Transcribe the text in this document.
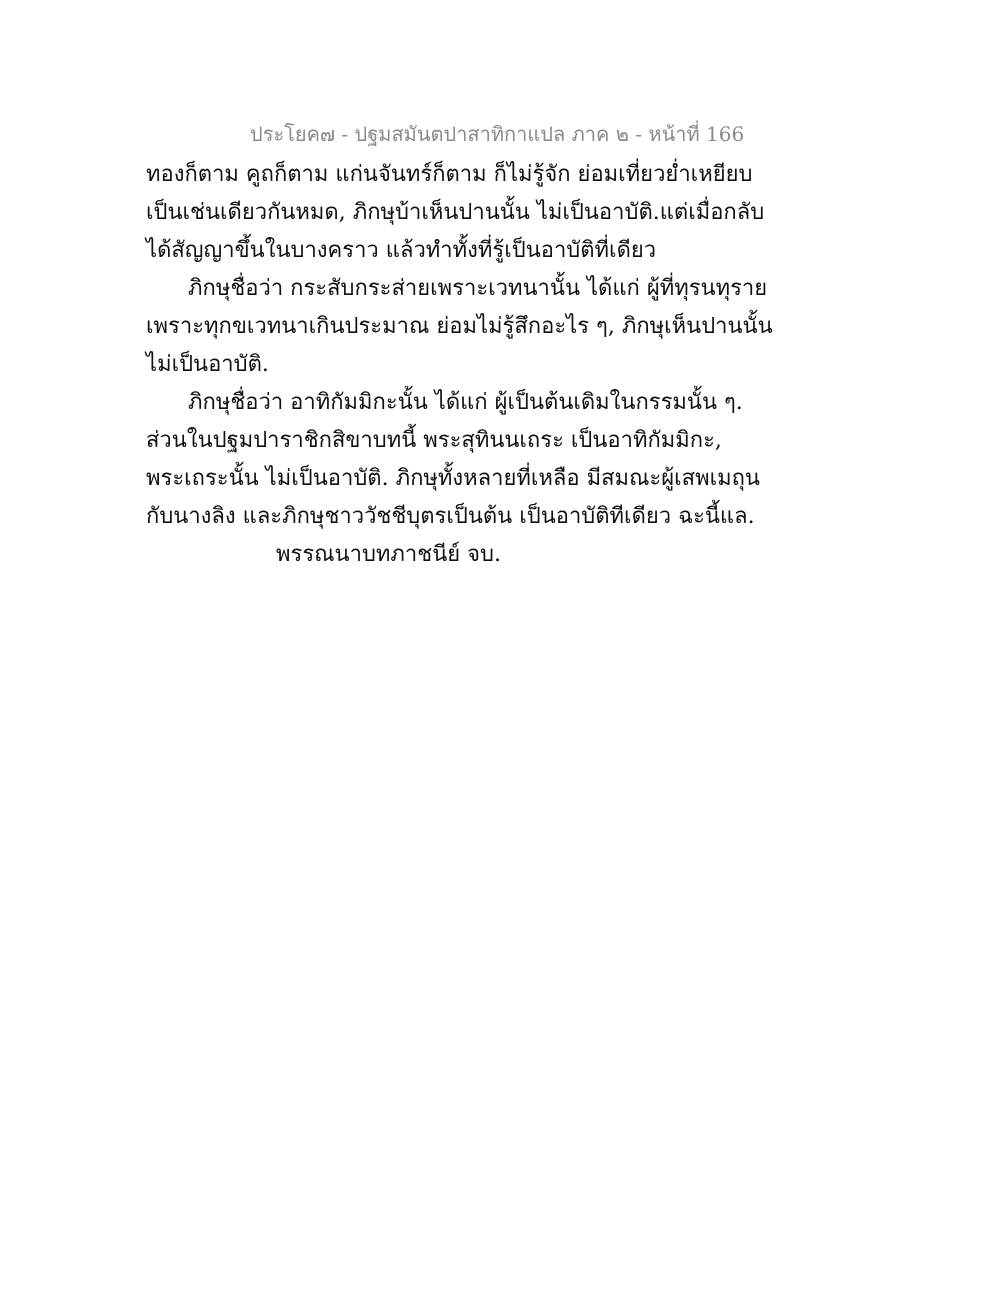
ประโยค๗ - ปฐมสมันตปาสาทิกาแปล ภาค ๒ - หน้าที่ 166
ทองก็ตาม คูถก็ตาม แก่นจันทร์ก็ตาม ก็ไม่รู้จัก ย่อมเที่ยวย่ำเหยียบ
เป็นเช่นเดียวกันหมด, ภิกษุบ้าเห็นปานนั้น ไม่เป็นอาบัติ.แต่เมื่อกลับ
ได้สัญญาขึ้นในบางคราว แล้วทำทั้งที่รู้เป็นอาบัติที่เดียว
ภิกษุชื่อว่า กระสับกระส่ายเพราะเวทนานั้น ได้แก่ ผู้ที่ทุรนทุราย
เพราะทุกขเวทนาเกินประมาณ ย่อมไม่รู้สึกอะไร ๆ, ภิกษุเห็นปานนั้น
ไม่เป็นอาบัติ.
ภิกษุชื่อว่า อาทิกัมมิกะนั้น ได้แก่ ผู้เป็นต้นเดิมในกรรมนั้น ๆ.
ส่วนในปฐมปาราชิกสิขาบทนี้ พระสุทินนเถระ เป็นอาทิกัมมิกะ,
พระเถระนั้น ไม่เป็นอาบัติ. ภิกษุทั้งหลายที่เหลือ มีสมณะผู้เสพเมถุน
กับนางลิง และภิกษุชาววัชชีบุตรเป็นต้น เป็นอาบัติทีเดียว ฉะนี้แล.
พรรณนาบทภาชนีย์ จบ.
